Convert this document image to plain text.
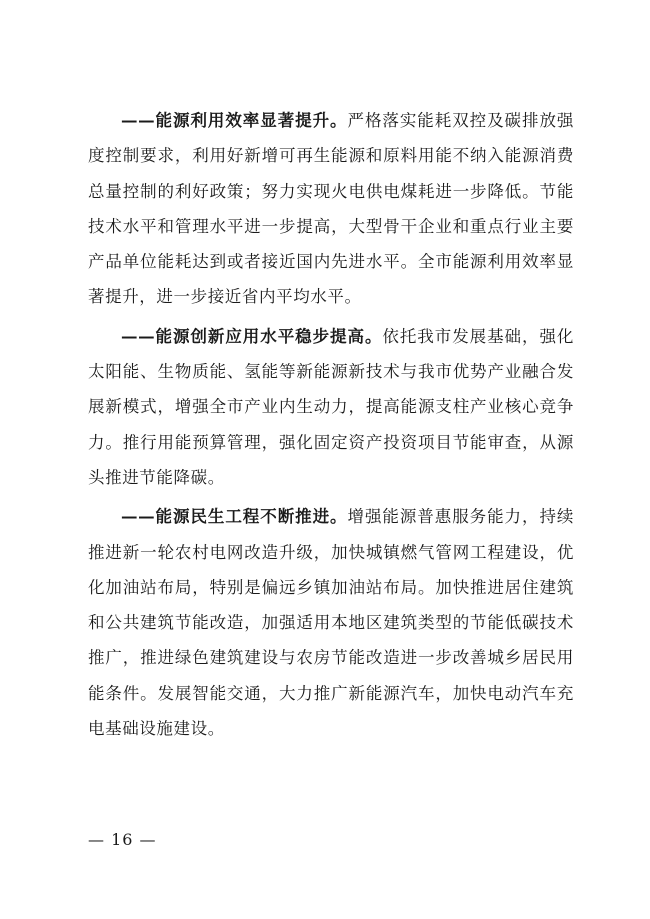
——能源利用效率显著提升。严格落实能耗双控及碳排放强度控制要求，利用好新增可再生能源和原料用能不纳入能源消费总量控制的利好政策；努力实现火电供电煤耗进一步降低。节能技术水平和管理水平进一步提高，大型骨干企业和重点行业主要产品单位能耗达到或者接近国内先进水平。全市能源利用效率显著提升，进一步接近省内平均水平。

——能源创新应用水平稳步提高。依托我市发展基础，强化太阳能、生物质能、氢能等新能源新技术与我市优势产业融合发展新模式，增强全市产业内生动力，提高能源支柱产业核心竞争力。推行用能预算管理，强化固定资产投资项目节能审查，从源头推进节能降碳。

——能源民生工程不断推进。增强能源普惠服务能力，持续推进新一轮农村电网改造升级，加快城镇燃气管网工程建设，优化加油站布局，特别是偏远乡镇加油站布局。加快推进居住建筑和公共建筑节能改造，加强适用本地区建筑类型的节能低碳技术推广，推进绿色建筑建设与农房节能改造进一步改善城乡居民用能条件。发展智能交通，大力推广新能源汽车，加快电动汽车充电基础设施建设。

— 16 —
